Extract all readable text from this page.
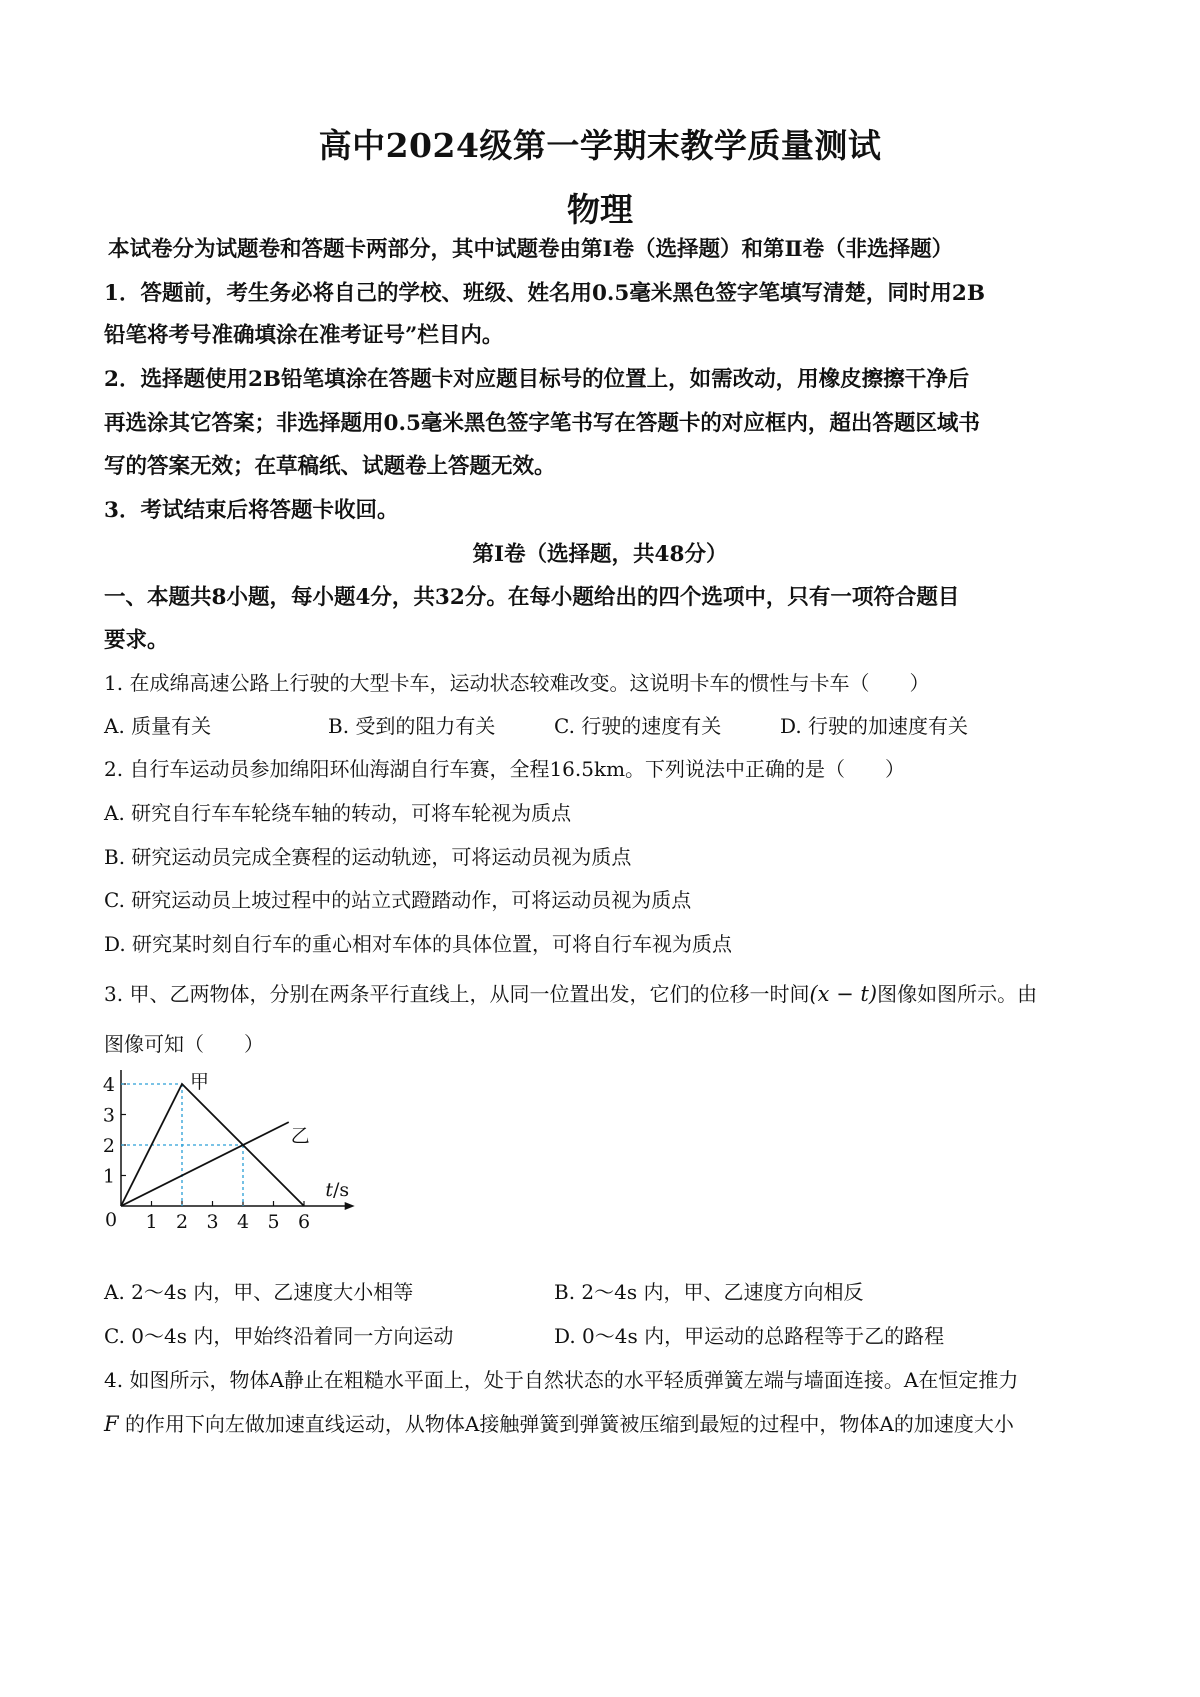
高中2024级第一学期末教学质量测试
物理
本试卷分为试题卷和答题卡两部分，其中试题卷由第Ⅰ卷（选择题）和第Ⅱ卷（非选择题）
1．答题前，考生务必将自己的学校、班级、姓名用0.5毫米黑色签字笔填写清楚，同时用2B
铅笔将考号准确填涂在准考证号”栏目内。
2．选择题使用2B铅笔填涂在答题卡对应题目标号的位置上，如需改动，用橡皮擦擦干净后
再选涂其它答案；非选择题用0.5毫米黑色签字笔书写在答题卡的对应框内，超出答题区域书
写的答案无效；在草稿纸、试题卷上答题无效。
3．考试结束后将答题卡收回。
第Ⅰ卷（选择题，共48分）
一、本题共8小题，每小题4分，共32分。在每小题给出的四个选项中，只有一项符合题目
要求。
1. 在成绵高速公路上行驶的大型卡车，运动状态较难改变。这说明卡车的惯性与卡车（　　）
A. 质量有关	B. 受到的阻力有关	C. 行驶的速度有关	D. 行驶的加速度有关
2. 自行车运动员参加绵阳环仙海湖自行车赛，全程16.5km。下列说法中正确的是（　　）
A. 研究自行车车轮绕车轴的转动，可将车轮视为质点
B. 研究运动员完成全赛程的运动轨迹，可将运动员视为质点
C. 研究运动员上坡过程中的站立式蹬踏动作，可将运动员视为质点
D. 研究某时刻自行车的重心相对车体的具体位置，可将自行车视为质点
3. 甲、乙两物体，分别在两条平行直线上，从同一位置出发，它们的位移一时间(x − t)图像如图所示。由
图像可知（　　）
1 2 3 4 5 6
1
2
3
4
0
t/s
甲
乙
A. 2～4s 内，甲、乙速度大小相等	B. 2～4s 内，甲、乙速度方向相反
C. 0～4s 内，甲始终沿着同一方向运动	D. 0～4s 内，甲运动的总路程等于乙的路程
4. 如图所示，物体A静止在粗糙水平面上，处于自然状态的水平轻质弹簧左端与墙面连接。A在恒定推力
F 的作用下向左做加速直线运动，从物体A接触弹簧到弹簧被压缩到最短的过程中，物体A的加速度大小
